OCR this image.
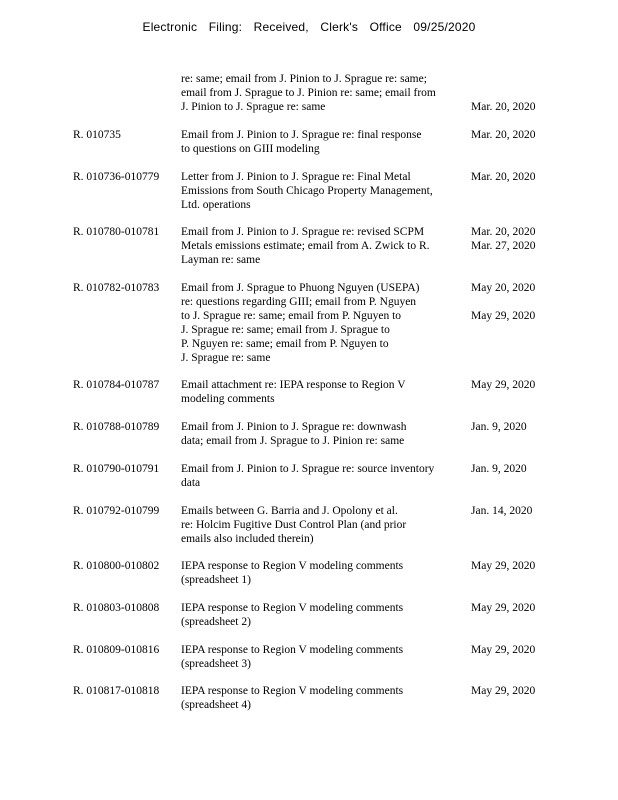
Electronic Filing: Received, Clerk's Office 09/25/2020
re: same; email from J. Pinion to J. Sprague re: same;
email from J. Sprague to J. Pinion re: same; email from
J. Pinion to J. Sprague re: same

	Mar. 20, 2020
R. 010735	Email from J. Pinion to J. Sprague re: final response
to questions on GIII modeling
Mar. 20, 2020
R. 010736-010779	Letter from J. Pinion to J. Sprague re: Final Metal
Emissions from South Chicago Property Management,
Ltd. operations
Mar. 20, 2020
R. 010780-010781	Email from J. Pinion to J. Sprague re: revised SCPM
Metals emissions estimate; email from A. Zwick to R.
Layman re: same
Mar. 20, 2020
Mar. 27, 2020
R. 010782-010783	Email from J. Sprague to Phuong Nguyen (USEPA)
re: questions regarding GIII; email from P. Nguyen
to J. Sprague re: same; email from P. Nguyen to
J. Sprague re: same; email from J. Sprague to
P. Nguyen re: same; email from P. Nguyen to
J. Sprague re: same
May 20, 2020

May 29, 2020
R. 010784-010787	Email attachment re: IEPA response to Region V
modeling comments
May 29, 2020
R. 010788-010789	Email from J. Pinion to J. Sprague re: downwash
data; email from J. Sprague to J. Pinion re: same
Jan. 9, 2020
R. 010790-010791	Email from J. Pinion to J. Sprague re: source inventory
data
Jan. 9, 2020
R. 010792-010799	Emails between G. Barria and J. Opolony et al.
re: Holcim Fugitive Dust Control Plan (and prior
emails also included therein)
Jan. 14, 2020
R. 010800-010802	IEPA response to Region V modeling comments
(spreadsheet 1)
May 29, 2020
R. 010803-010808	IEPA response to Region V modeling comments
(spreadsheet 2)
May 29, 2020
R. 010809-010816	IEPA response to Region V modeling comments
(spreadsheet 3)
May 29, 2020
R. 010817-010818	IEPA response to Region V modeling comments
(spreadsheet 4)
May 29, 2020
